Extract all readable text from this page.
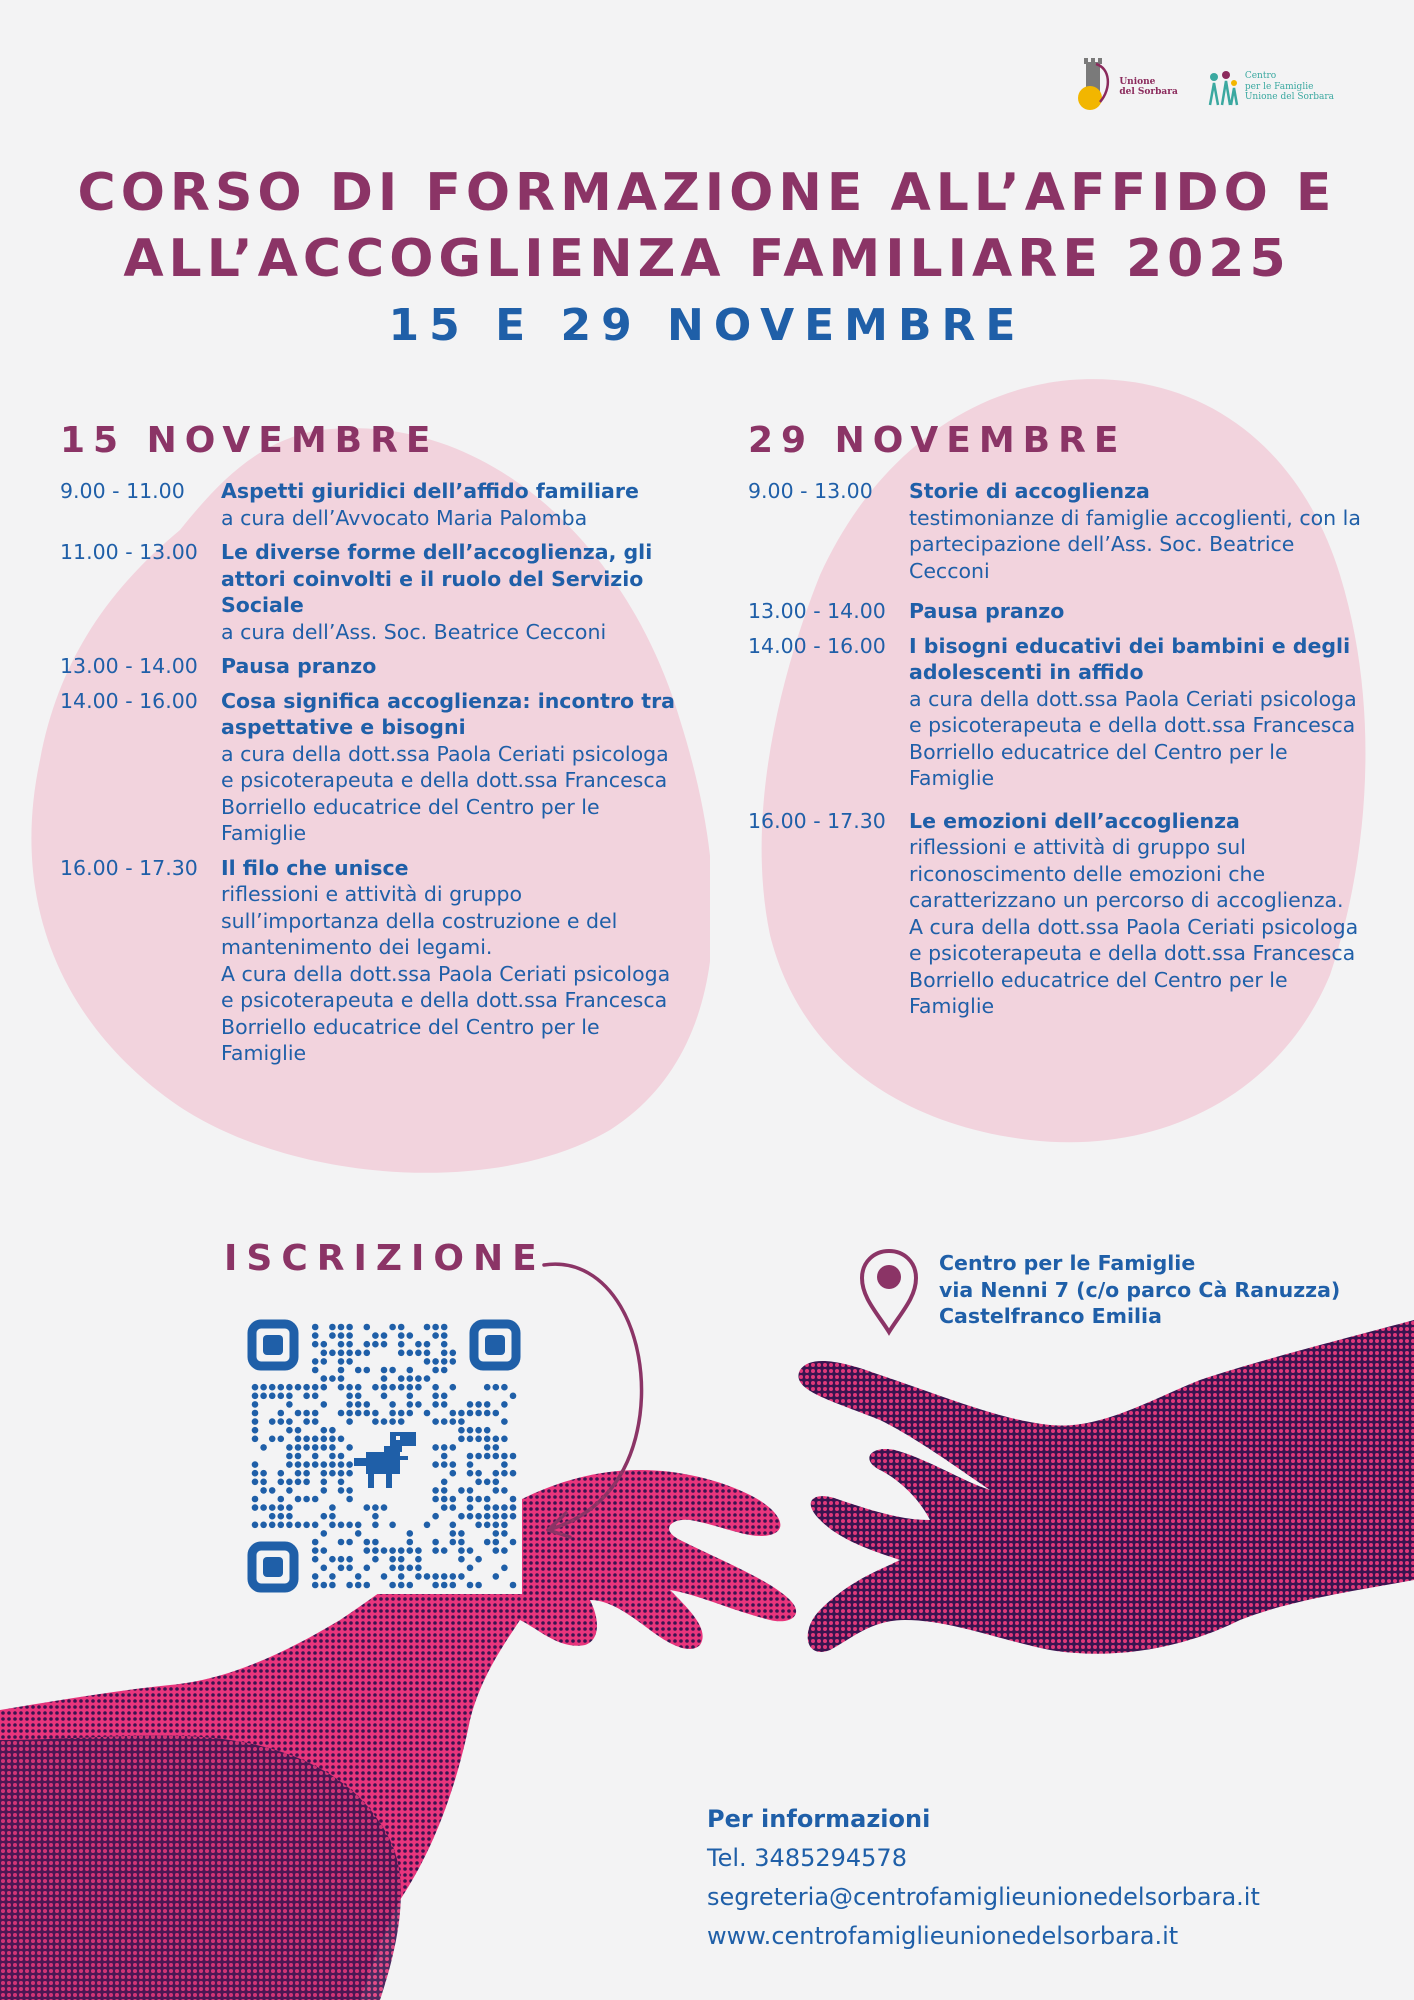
Unione
del Sorbara
Centro
per le Famiglie
Unione del Sorbara
CORSO DI FORMAZIONE ALL’AFFIDO E
ALL’ACCOGLIENZA FAMILIARE 2025
15 E 29 NOVEMBRE
15 NOVEMBRE
9.00 - 11.00	Aspetti giuridici dell’affido familiare
a cura dell’Avvocato Maria Palomba
11.00 - 13.00	Le diverse forme dell’accoglienza, gli attori coinvolti e il ruolo del Servizio Sociale
a cura dell’Ass. Soc. Beatrice Cecconi
13.00 - 14.00	Pausa pranzo
14.00 - 16.00	Cosa significa accoglienza: incontro tra aspettative e bisogni
a cura della dott.ssa Paola Ceriati psicologa e psicoterapeuta e della dott.ssa Francesca Borriello educatrice del Centro per le Famiglie
16.00 - 17.30	Il filo che unisce
riflessioni e attività di gruppo sull’importanza della costruzione e del mantenimento dei legami.
A cura della dott.ssa Paola Ceriati psicologa e psicoterapeuta e della dott.ssa Francesca Borriello educatrice del Centro per le Famiglie
29 NOVEMBRE
9.00 - 13.00	Storie di accoglienza
testimonianze di famiglie accoglienti, con la partecipazione dell’Ass. Soc. Beatrice Cecconi
13.00 - 14.00	Pausa pranzo
14.00 - 16.00	I bisogni educativi dei bambini e degli adolescenti in affido
a cura della dott.ssa Paola Ceriati psicologa e psicoterapeuta e della dott.ssa Francesca Borriello educatrice del Centro per le Famiglie
16.00 - 17.30	Le emozioni dell’accoglienza
riflessioni e attività di gruppo sul riconoscimento delle emozioni che caratterizzano un percorso di accoglienza.
A cura della dott.ssa Paola Ceriati psicologa e psicoterapeuta e della dott.ssa Francesca Borriello educatrice del Centro per le Famiglie
ISCRIZIONE	Centro per le Famiglie
via Nenni 7 (c/o parco Cà Ranuzza)
Castelfranco Emilia
Per informazioni
Tel. 3485294578
segreteria@centrofamiglieunionedelsorbara.it
www.centrofamiglieunionedelsorbara.it
